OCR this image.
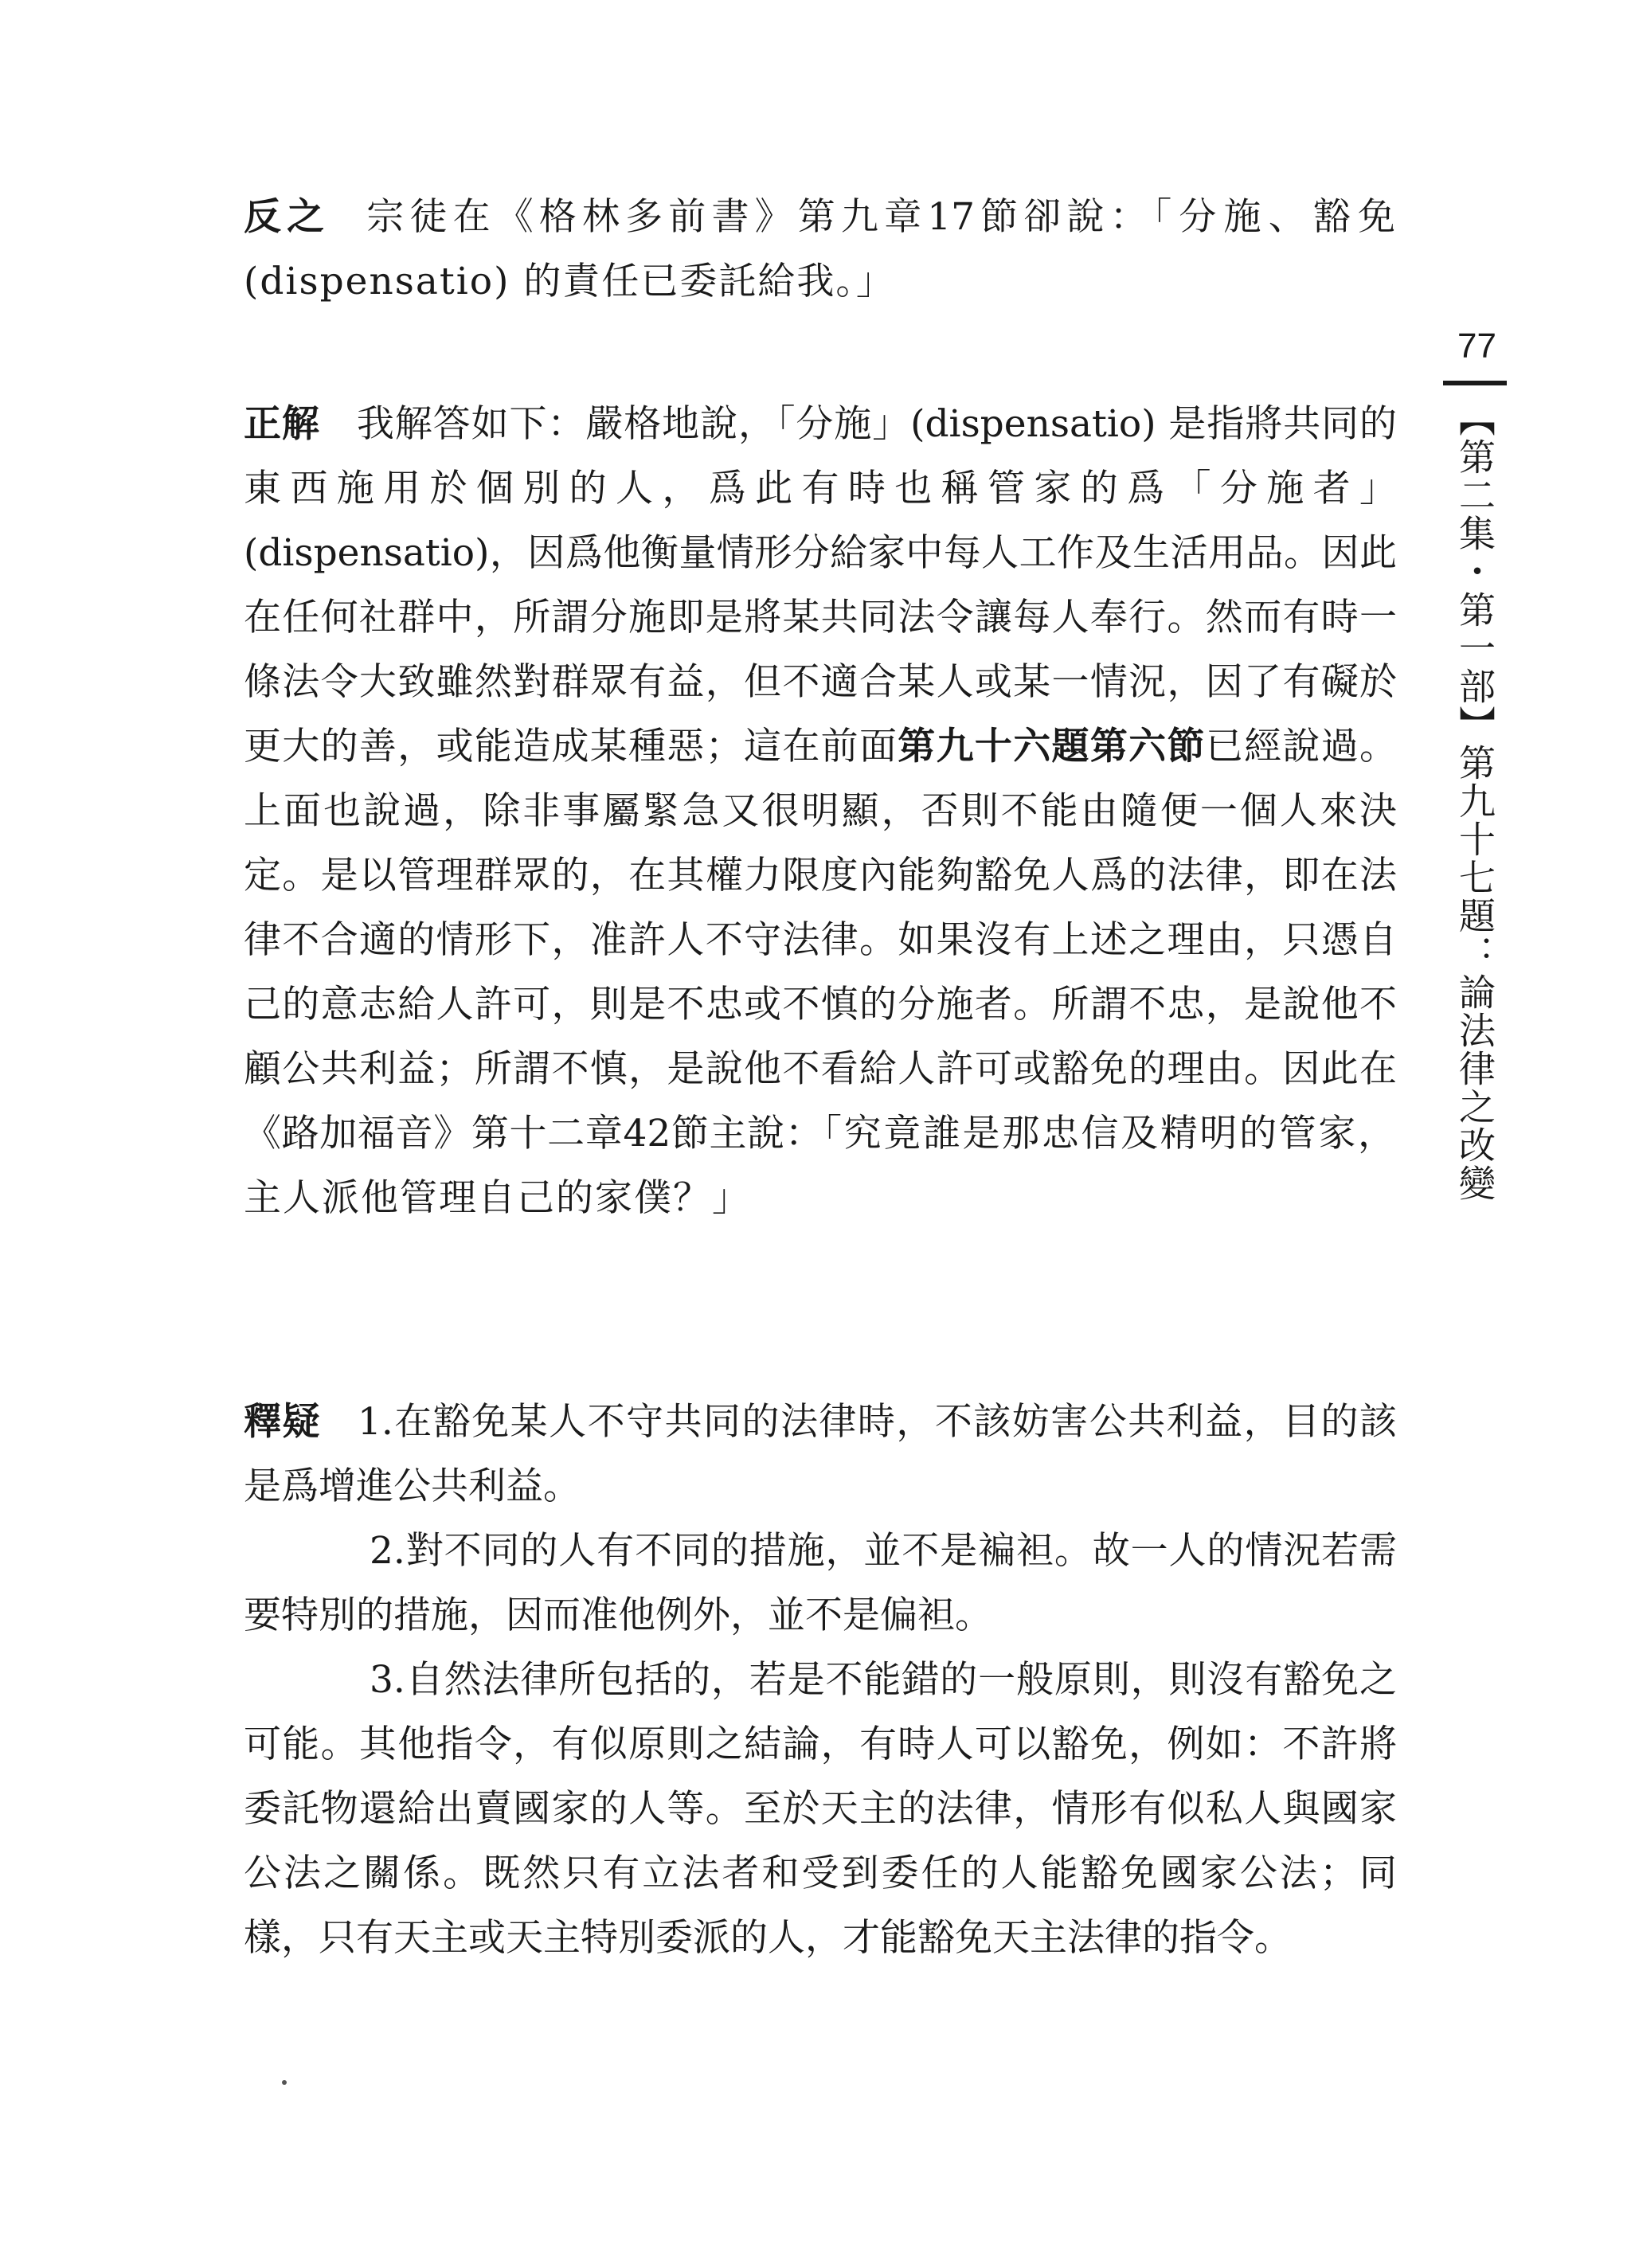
反之 宗徒在《格林多前書》第九章17節卻說：「分施、豁免(dispensatio) 的責任已委託給我。」

正解 我解答如下：嚴格地說，「分施」(dispensatio) 是指將共同的東西施用於個別的人，爲此有時也稱管家的爲「分施者」(dispensatio)，因爲他衡量情形分給家中每人工作及生活用品。因此在任何社群中，所謂分施即是將某共同法令讓每人奉行。然而有時一條法令大致雖然對群眾有益，但不適合某人或某一情況，因了有礙於更大的善，或能造成某種惡；這在前面第九十六題第六節已經說過。上面也說過，除非事屬緊急又很明顯，否則不能由隨便一個人來決定。是以管理群眾的，在其權力限度內能夠豁免人爲的法律，即在法律不合適的情形下，准許人不守法律。如果沒有上述之理由，只憑自己的意志給人許可，則是不忠或不慎的分施者。所謂不忠，是說他不顧公共利益；所謂不慎，是說他不看給人許可或豁免的理由。因此在《路加福音》第十二章42節主說：「究竟誰是那忠信及精明的管家，主人派他管理自己的家僕？」

釋疑 1.在豁免某人不守共同的法律時，不該妨害公共利益，目的該是爲增進公共利益。

2.對不同的人有不同的措施，並不是褊袒。故一人的情況若需要特別的措施，因而准他例外，並不是偏袒。

3.自然法律所包括的，若是不能錯的一般原則，則沒有豁免之可能。其他指令，有似原則之結論，有時人可以豁免，例如：不許將委託物還給出賣國家的人等。至於天主的法律，情形有似私人與國家公法之關係。既然只有立法者和受到委任的人能豁免國家公法；同樣，只有天主或天主特別委派的人，才能豁免天主法律的指令。

77
【第二集・第一部】第九十七題：論法律之改變
